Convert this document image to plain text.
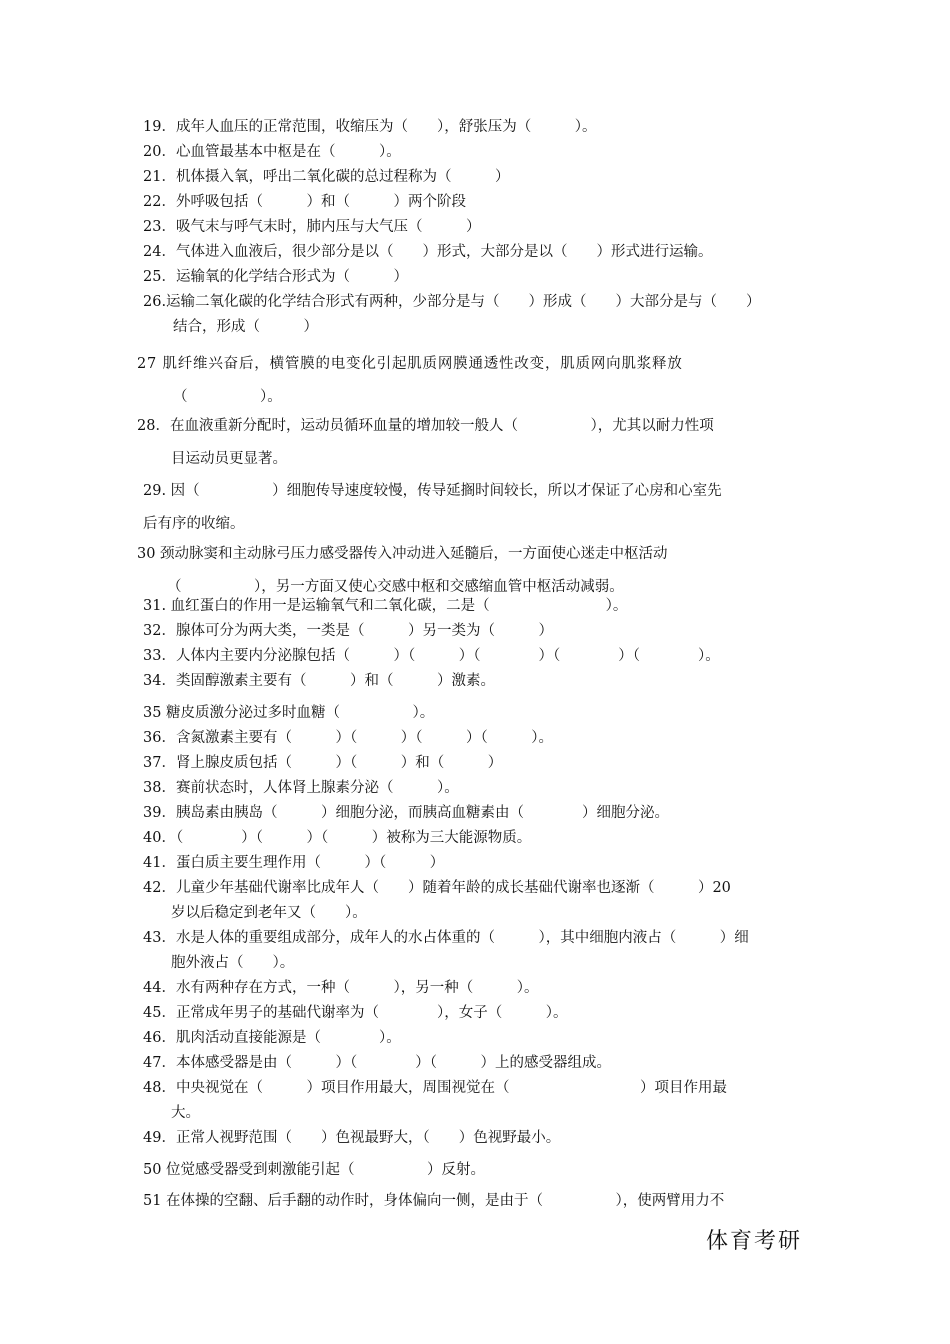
19．成年人血压的正常范围，收缩压为（　　），舒张压为（　　　）。
20．心血管最基本中枢是在（　　　）。
21．机体摄入氧，呼出二氧化碳的总过程称为（　　　）
22．外呼吸包括（　　　）和（　　　）两个阶段
23．吸气末与呼气末时，肺内压与大气压（　　　）
24．气体进入血液后，很少部分是以（　　）形式，大部分是以（　　）形式进行运输。
25．运输氧的化学结合形式为（　　　）
26.运输二氧化碳的化学结合形式有两种，少部分是与（　　）形成（　　）大部分是与（　　）
结合，形成（　　　）
27 肌纤维兴奋后，横管膜的电变化引起肌质网膜通透性改变，肌质网向肌浆释放
（　　　　　）。
28．在血液重新分配时，运动员循环血量的增加较一般人（　　　　　），尤其以耐力性项
目运动员更显著。
29. 因（　　　　　）细胞传导速度较慢，传导延搁时间较长，所以才保证了心房和心室先
后有序的收缩。
30 颈动脉窦和主动脉弓压力感受器传入冲动进入延髓后，一方面使心迷走中枢活动
（　　　　　），另一方面又使心交感中枢和交感缩血管中枢活动减弱。
31. 血红蛋白的作用一是运输氧气和二氧化碳，二是（　　　　　　　　）。
32．腺体可分为两大类，一类是（　　　）另一类为（　　　）
33．人体内主要内分泌腺包括（　　　）（　　　）（　　　　）（　　　　）（　　　　）。
34．类固醇激素主要有（　　　）和（　　　）激素。
35 糖皮质激分泌过多时血糖（　　　　　）。
36．含氮激素主要有（　　　）（　　　）（　　　）（　　　）。
37．肾上腺皮质包括（　　　）（　　　）和（　　　）
38．赛前状态时，人体肾上腺素分泌（　　　）。
39．胰岛素由胰岛（　　　）细胞分泌，而胰高血糖素由（　　　　）细胞分泌。
40．（　　　　）（　　　）（　　　）被称为三大能源物质。
41．蛋白质主要生理作用（　　　）（　　　）
42．儿童少年基础代谢率比成年人（　　）随着年龄的成长基础代谢率也逐渐（　　　）20
岁以后稳定到老年又（　　）。
43．水是人体的重要组成部分，成年人的水占体重的（　　　），其中细胞内液占（　　　）细
胞外液占（　　）。
44．水有两种存在方式，一种（　　　），另一种（　　　）。
45．正常成年男子的基础代谢率为（　　　　），女子（　　　）。
46．肌肉活动直接能源是（　　　　）。
47．本体感受器是由（　　　）（　　　　）（　　　）上的感受器组成。
48．中央视觉在（　　　）项目作用最大，周围视觉在（　　　　　　　　　）项目作用最
大。
49．正常人视野范围（　　）色视最野大，（　　）色视野最小。
50 位觉感受器受到刺激能引起（　　　　　）反射。
51 在体操的空翻、后手翻的动作时，身体偏向一侧，是由于（　　　　　），使两臂用力不
体育考研
